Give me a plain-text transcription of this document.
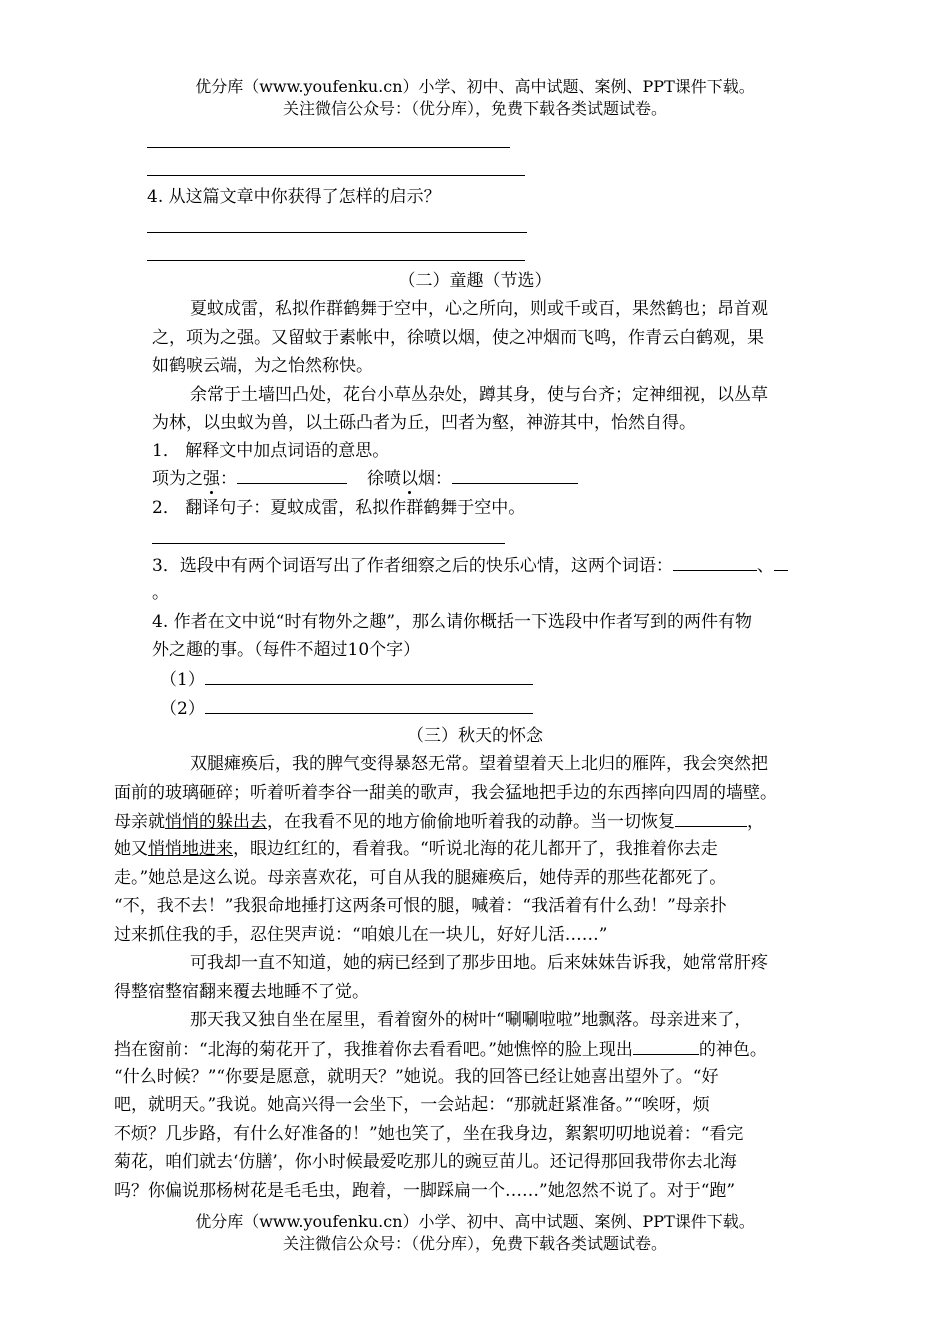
优分库（www.youfenku.cn）小学、初中、高中试题、案例、PPT课件下载。
关注微信公众号：（优分库），免费下载各类试题试卷。
4. 从这篇文章中你获得了怎样的启示？
（二）童趣（节选）
夏蚊成雷，私拟作群鹤舞于空中，心之所向，则或千或百，果然鹤也；昂首观
之，项为之强。又留蚊于素帐中，徐喷以烟，使之冲烟而飞鸣，作青云白鹤观，果
如鹤唳云端，为之怡然称快。
余常于土墙凹凸处，花台小草丛杂处，蹲其身，使与台齐；定神细视，以丛草
为林，以虫蚁为兽，以土砾凸者为丘，凹者为壑，神游其中，怡然自得。
1． 解释文中加点词语的意思。
项为之强：	徐喷以烟：
2． 翻译句子：夏蚊成雷，私拟作群鹤舞于空中。
3．选段中有两个词语写出了作者细察之后的快乐心情，这两个词语：	、
。
4. 作者在文中说“时有物外之趣”，那么请你概括一下选段中作者写到的两件有物
外之趣的事。（每件不超过10个字）
（1）
（2）
（三）秋天的怀念
双腿瘫痪后，我的脾气变得暴怒无常。望着望着天上北归的雁阵，我会突然把
面前的玻璃砸碎；听着听着李谷一甜美的歌声，我会猛地把手边的东西摔向四周的墙壁。
母亲就悄悄的躲出去，在我看不见的地方偷偷地听着我的动静。当一切恢复	，
她又悄悄地进来，眼边红红的，看着我。“听说北海的花儿都开了，我推着你去走
走。”她总是这么说。母亲喜欢花，可自从我的腿瘫痪后，她侍弄的那些花都死了。
“不，我不去！”我狠命地捶打这两条可恨的腿，喊着：“我活着有什么劲！”母亲扑
过来抓住我的手，忍住哭声说：“咱娘儿在一块儿，好好儿活……”
可我却一直不知道，她的病已经到了那步田地。后来妹妹告诉我，她常常肝疼
得整宿整宿翻来覆去地睡不了觉。
那天我又独自坐在屋里，看着窗外的树叶“唰唰啦啦”地飘落。母亲进来了，
挡在窗前：“北海的菊花开了，我推着你去看看吧。”她憔悴的脸上现出	的神色。
“什么时候？”“你要是愿意，就明天？”她说。我的回答已经让她喜出望外了。“好
吧，就明天。”我说。她高兴得一会坐下，一会站起：“那就赶紧准备。”“唉呀，烦
不烦？几步路，有什么好准备的！”她也笑了，坐在我身边，絮絮叨叨地说着：“看完
菊花，咱们就去‘仿膳’，你小时候最爱吃那儿的豌豆苗儿。还记得那回我带你去北海
吗？你偏说那杨树花是毛毛虫，跑着，一脚踩扁一个……”她忽然不说了。对于“跑”
优分库（www.youfenku.cn）小学、初中、高中试题、案例、PPT课件下载。
关注微信公众号：（优分库），免费下载各类试题试卷。
